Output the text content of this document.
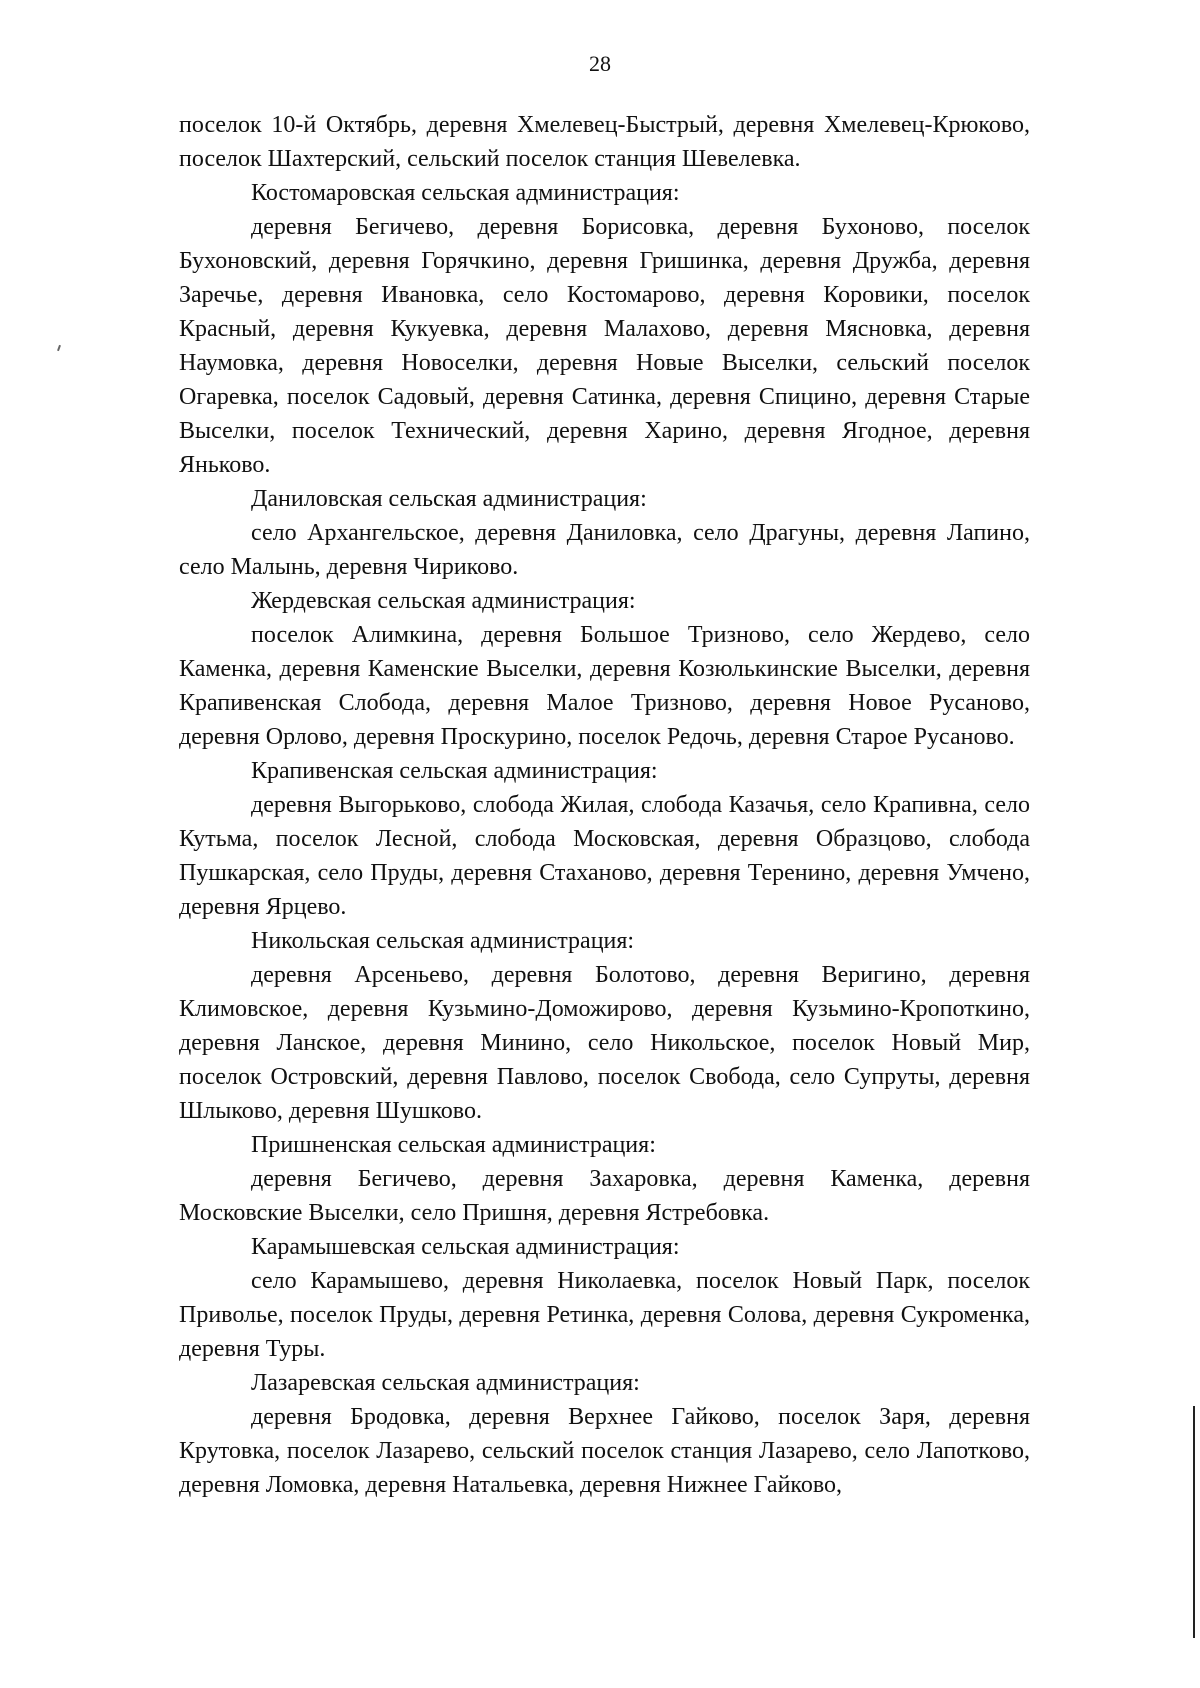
28

поселок 10-й Октябрь, деревня Хмелевец-Быстрый, деревня Хмелевец-Крюково, поселок Шахтерский, сельский поселок станция Шевелевка.

Костомаровская сельская администрация:

деревня Бегичево, деревня Борисовка, деревня Бухоново, поселок Бухоновский, деревня Горячкино, деревня Гришинка, деревня Дружба, деревня Заречье, деревня Ивановка, село Костомарово, деревня Коровики, поселок Красный, деревня Кукуевка, деревня Малахово, деревня Мясновка, деревня Наумовка, деревня Новоселки, деревня Новые Выселки, сельский поселок Огаревка, поселок Садовый, деревня Сатинка, деревня Спицино, деревня Старые Выселки, поселок Технический, деревня Харино, деревня Ягодное, деревня Яньково.

Даниловская сельская администрация:

село Архангельское, деревня Даниловка, село Драгуны, деревня Лапино, село Малынь, деревня Чириково.

Жердевская сельская администрация:

поселок Алимкина, деревня Большое Тризново, село Жердево, село Каменка, деревня Каменские Выселки, деревня Козюлькинские Выселки, деревня Крапивенская Слобода, деревня Малое Тризново, деревня Новое Русаново, деревня Орлово, деревня Проскурино, поселок Редочь, деревня Старое Русаново.

Крапивенская сельская администрация:

деревня Выгорьково, слобода Жилая, слобода Казачья, село Крапивна, село Кутьма, поселок Лесной, слобода Московская, деревня Образцово, слобода Пушкарская, село Пруды, деревня Стаханово, деревня Теренино, деревня Умчено, деревня Ярцево.

Никольская сельская администрация:

деревня Арсеньево, деревня Болотово, деревня Веригино, деревня Климовское, деревня Кузьмино-Доможирово, деревня Кузьмино-Кропоткино, деревня Ланское, деревня Минино, село Никольское, поселок Новый Мир, поселок Островский, деревня Павлово, поселок Свобода, село Супруты, деревня Шлыково, деревня Шушково.

Пришненская сельская администрация:

деревня Бегичево, деревня Захаровка, деревня Каменка, деревня Московские Выселки, село Пришня, деревня Ястребовка.

Карамышевская сельская администрация:

село Карамышево, деревня Николаевка, поселок Новый Парк, поселок Приволье, поселок Пруды, деревня Ретинка, деревня Солова, деревня Сукроменка, деревня Туры.

Лазаревская сельская администрация:

деревня Бродовка, деревня Верхнее Гайково, поселок Заря, деревня Крутовка, поселок Лазарево, сельский поселок станция Лазарево, село Лапотково, деревня Ломовка, деревня Натальевка, деревня Нижнее Гайково,
